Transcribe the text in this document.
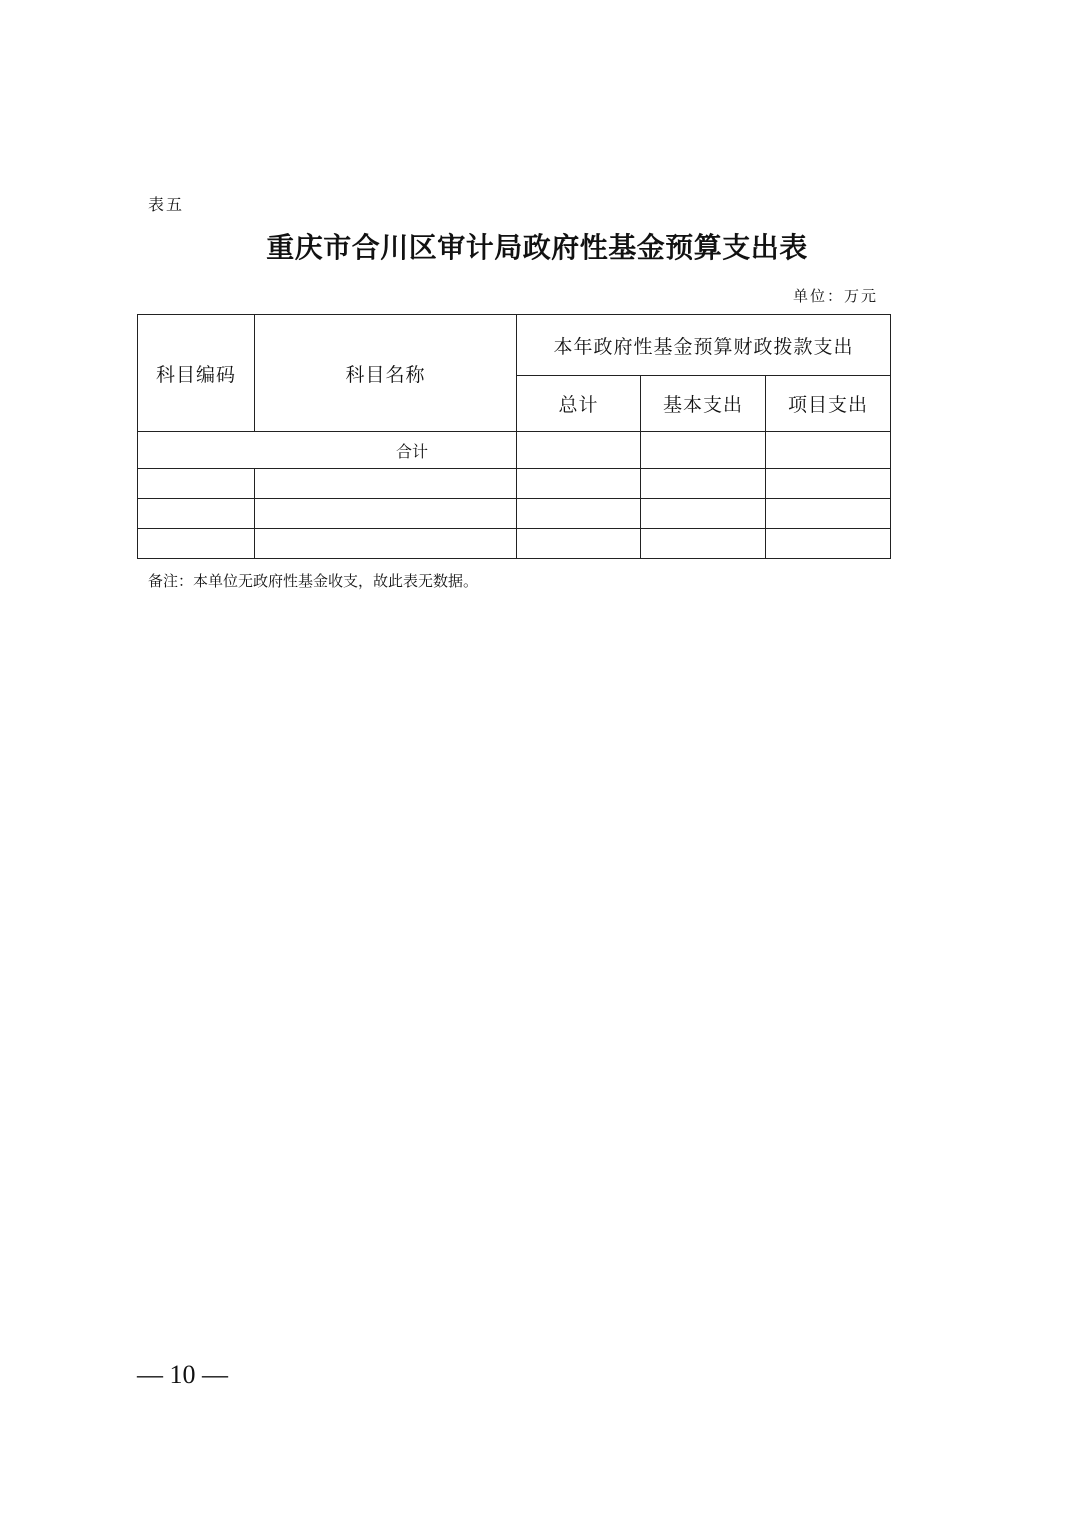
表五
重庆市合川区审计局政府性基金预算支出表
单位：万元
科目编码	科目名称	本年政府性基金预算财政拨款支出		
		总计	基本支出	项目支出
合计				

备注：本单位无政府性基金收支，故此表无数据。
— 10 —
